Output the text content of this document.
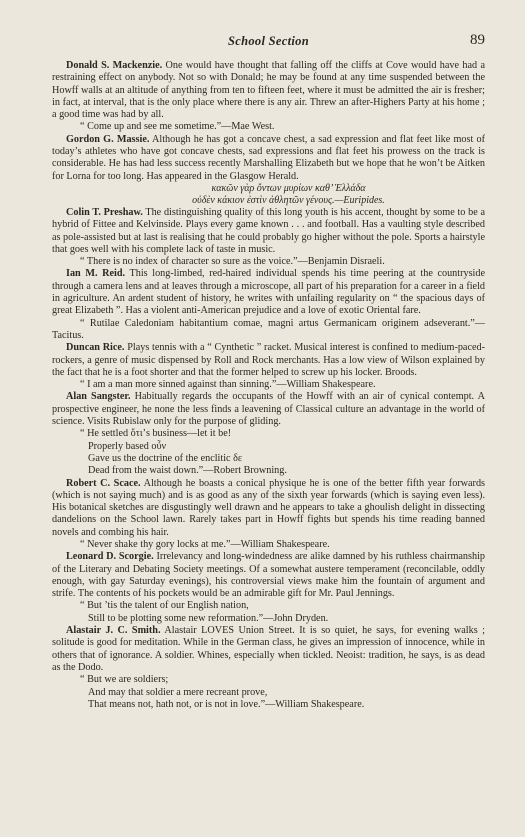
School Section	89

Donald S. Mackenzie. One would have thought that falling off the cliffs at Cove would have had a restraining effect on anybody. Not so with Donald; he may be found at any time suspended between the Howff walls at an altitude of anything from ten to fifteen feet, where it must be admitted the air is fresher; in fact, at interval, that is the only place where there is any air. Threw an after-Highers Party at his home ; a good time was had by all.

“ Come up and see me sometime.”—Mae West.

Gordon G. Massie. Although he has got a concave chest, a sad expression and flat feet like most of today’s athletes who have got concave chests, sad expressions and flat feet his prowess on the track is considerable. He has had less success recently Marshalling Elizabeth but we hope that he won’t be Aitken for Lorna for too long. Has appeared in the Glasgow Herald.

κακῶν γὰρ ὄντων μυρίων καθ’ Ἑλλάδα
οὐδὲν κάκιον ἐστὶν ἀθλητῶν γένους.—Euripides.

Colin T. Preshaw. The distinguishing quality of this long youth is his accent, thought by some to be a hybrid of Fittee and Kelvinside. Plays every game known . . . and football. Has a vaulting style described as pole-assisted but at last is realising that he could probably go higher without the pole. Sports a hairstyle that goes well with his complete lack of taste in music.

“ There is no index of character so sure as the voice.”—Benjamin Disraeli.

Ian M. Reid. This long-limbed, red-haired individual spends his time peering at the countryside through a camera lens and at leaves through a microscope, all part of his preparation for a career in a field in agriculture. An ardent student of history, he writes with unfailing regularity on “ the spacious days of great Elizabeth ”. Has a violent anti-American prejudice and a love of exotic Oriental fare.

“ Rutilae Caledoniam habitantium comae, magni artus Germanicam originem adseverant.”—Tacitus.

Duncan Rice. Plays tennis with a “ Cynthetic ” racket. Musical interest is confined to medium-paced-rockers, a genre of music dispensed by Roll and Rock merchants. Has a low view of Wilson explained by the fact that he is a foot shorter and that the former helped to screw up his locker. Broods.

“ I am a man more sinned against than sinning.”—William Shakespeare.

Alan Sangster. Habitually regards the occupants of the Howff with an air of cynical contempt. A prospective engineer, he none the less finds a leavening of Classical culture an advantage in the world of science. Visits Rubislaw only for the purpose of gliding.

“ He settled ὅτι’s business—let it be!
Properly based οὖν
Gave us the doctrine of the enclitic δε
Dead from the waist down.”—Robert Browning.

Robert C. Scace. Although he boasts a conical physique he is one of the better fifth year forwards (which is not saying much) and is as good as any of the sixth year forwards (which is saying even less). His botanical sketches are disgustingly well drawn and he appears to take a ghoulish delight in dissecting dandelions on the School lawn. Rarely takes part in Howff fights but spends his time reading banned novels and combing his hair.

“ Never shake thy gory locks at me.”—William Shakespeare.

Leonard D. Scorgie. Irrelevancy and long-windedness are alike damned by his ruthless chairmanship of the Literary and Debating Society meetings. Of a somewhat austere temperament (reconcilable, oddly enough, with gay Saturday evenings), his controversial views make him the fountain of argument and strife. The contents of his pockets would be an admirable gift for Mr. Paul Jennings.

“ But ’tis the talent of our English nation,
Still to be plotting some new reformation.”—John Dryden.

Alastair J. C. Smith. Alastair LOVES Union Street. It is so quiet, he says, for evening walks ; solitude is good for meditation. While in the German class, he gives an impression of innocence, while in others that of ignorance. A soldier. Whines, especially when tickled. Neoist: tradition, he says, is as dead as the Dodo.

“ But we are soldiers;
And may that soldier a mere recreant prove,
That means not, hath not, or is not in love.”—William Shakespeare.
